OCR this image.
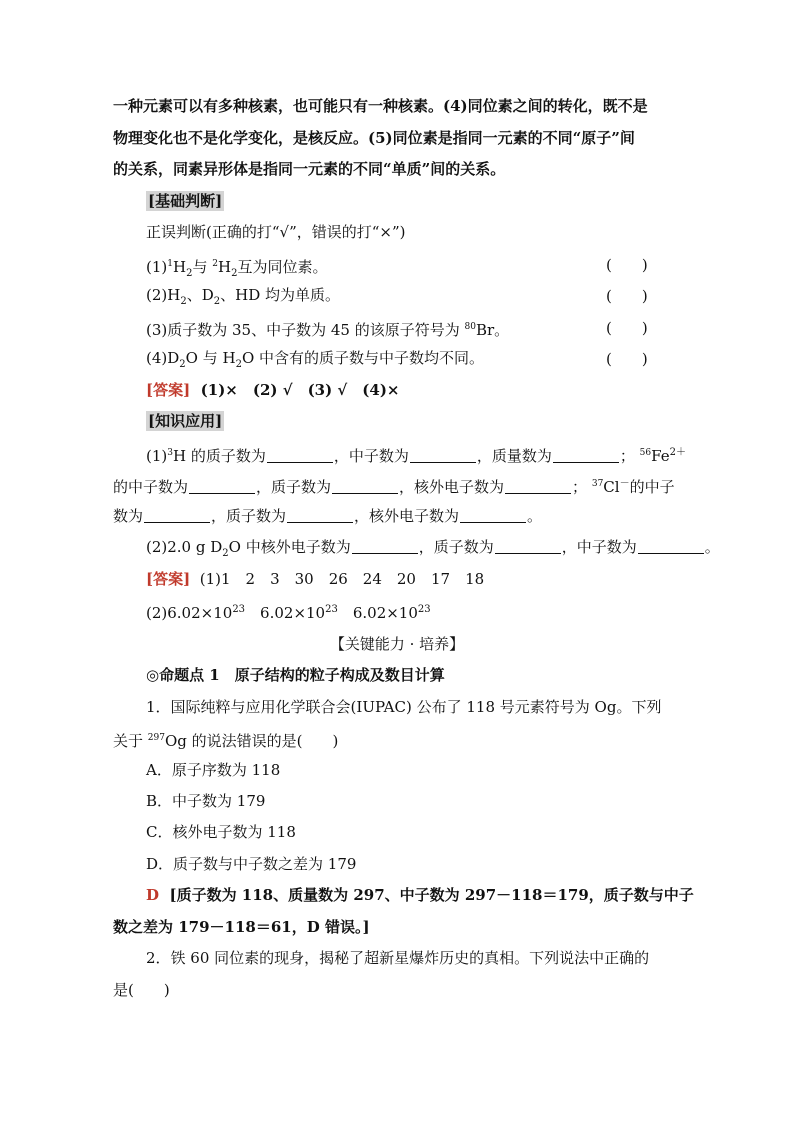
一种元素可以有多种核素，也可能只有一种核素。(4)同位素之间的转化，既不是
物理变化也不是化学变化，是核反应。(5)同位素是指同一元素的不同“原子”间
的关系，同素异形体是指同一元素的不同“单质”间的关系。
[基础判断]
正误判断(正确的打“√”，错误的打“×”)
$(1)^1H_2$与 $^2H_2$互为同位素。	(　　)
$(2)H_2$、$D_2$、HD 均为单质。	(　　)
(3)质子数为 35、中子数为 45 的该原子符号为 $^{80}$Br。	(　　)
$(4)D_2O$ 与 $H_2O$ 中含有的质子数与中子数均不同。	(　　)
[答案] (1)×　(2) √　(3) √　(4)×
[知识应用]
$(1)^3H$ 的质子数为	，中子数为	，质量数为	； $^{56}Fe^{2+}$
的中子数为	，质子数为	，核外电子数为	； $^{37}$Cl－的中子
数为	，质子数为	，核外电子数为	。
(2)2.0 g $D_2O$ 中核外电子数为	，质子数为	，中子数为	。
[答案] (1)1　2　3　30　26　24　20　17　18
$(2)6.02\times 10^{23}$　$6.02\times 10^{23}$　$6.02\times 10^{23}$
【关键能力 · 培养】
◎命题点 1　原子结构的粒子构成及数目计算
1．国际纯粹与应用化学联合会(IUPAC) 公布了 118 号元素符号为 Og。下列
关于 $^{297}$Og 的说法错误的是(　　)
A．原子序数为 118
B．中子数为 179
C．核外电子数为 118
D．质子数与中子数之差为 179
D [质子数为 118、质量数为 297、中子数为 297－118＝179，质子数与中子
数之差为 179－118＝61，D 错误。]
2．铁 60 同位素的现身，揭秘了超新星爆炸历史的真相。下列说法中正确的
是(　　)
